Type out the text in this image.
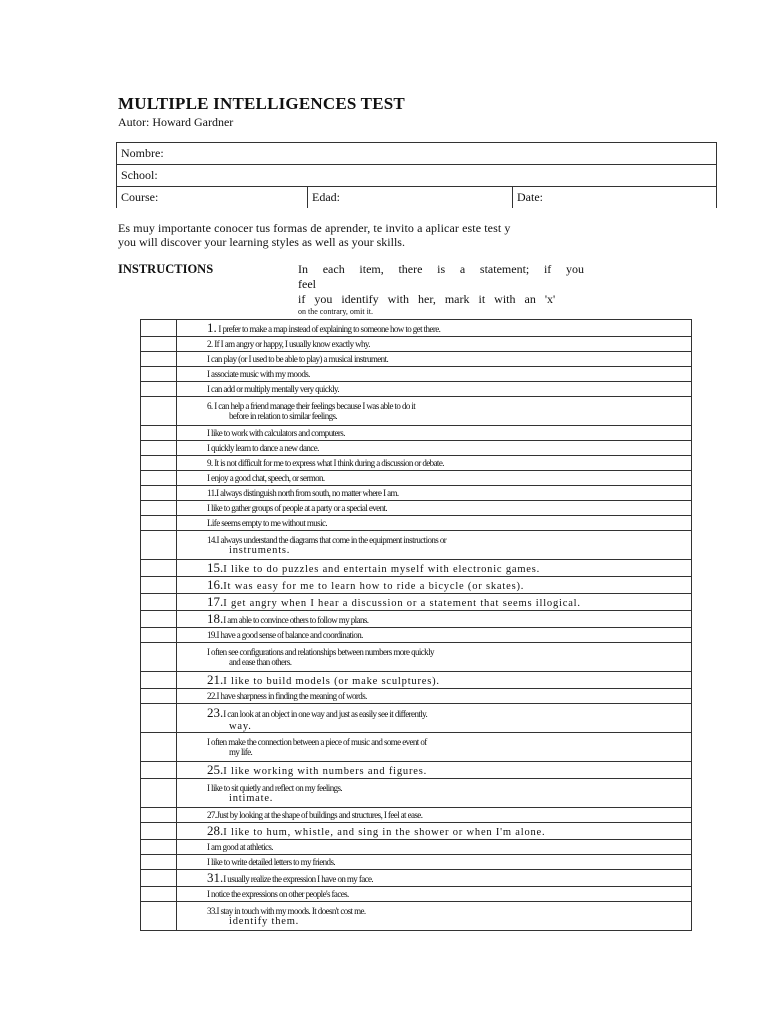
MULTIPLE INTELLIGENCES TEST
Autor: Howard Gardner
Nombre:
School:
Course:	Edad:	Date:
Es muy importante conocer tus formas de aprender, te invito a aplicar este test y
you will discover your learning styles as well as your skills.
INSTRUCTIONS	In each item, there is a statement; if you feel
if you identify with her, mark it with an 'x'
on the contrary, omit it.
	1. I prefer to make a map instead of explaining to someone how to get there.
	2. If I am angry or happy, I usually know exactly why.
	I can play (or I used to be able to play) a musical instrument.
	I associate music with my moods.
	I can add or multiply mentally very quickly.
	6. I can help a friend manage their feelings because I was able to do it
before in relation to similar feelings.

	I like to work with calculators and computers.
	I quickly learn to dance a new dance.
	9. It is not difficult for me to express what I think during a discussion or debate.
	I enjoy a good chat, speech, or sermon.
	11.I always distinguish north from south, no matter where I am.
	I like to gather groups of people at a party or a special event.
	Life seems empty to me without music.
	14.I always understand the diagrams that come in the equipment instructions or
instruments.

	15.I like to do puzzles and entertain myself with electronic games.
	16.It was easy for me to learn how to ride a bicycle (or skates).
	17.I get angry when I hear a discussion or a statement that seems illogical.
	18.I am able to convince others to follow my plans.
	19.I have a good sense of balance and coordination.
	I often see configurations and relationships between numbers more quickly
and ease than others.

	21.I like to build models (or make sculptures).
	22.I have sharpness in finding the meaning of words.
	23.I can look at an object in one way and just as easily see it differently.
way.

	I often make the connection between a piece of music and some event of
my life.

	25.I like working with numbers and figures.
	I like to sit quietly and reflect on my feelings.
intimate.

	27.Just by looking at the shape of buildings and structures, I feel at ease.
	28.I like to hum, whistle, and sing in the shower or when I'm alone.
	I am good at athletics.
	I like to write detailed letters to my friends.
	31.I usually realize the expression I have on my face.
	I notice the expressions on other people's faces.
	33.I stay in touch with my moods. It doesn't cost me.
identify them.
